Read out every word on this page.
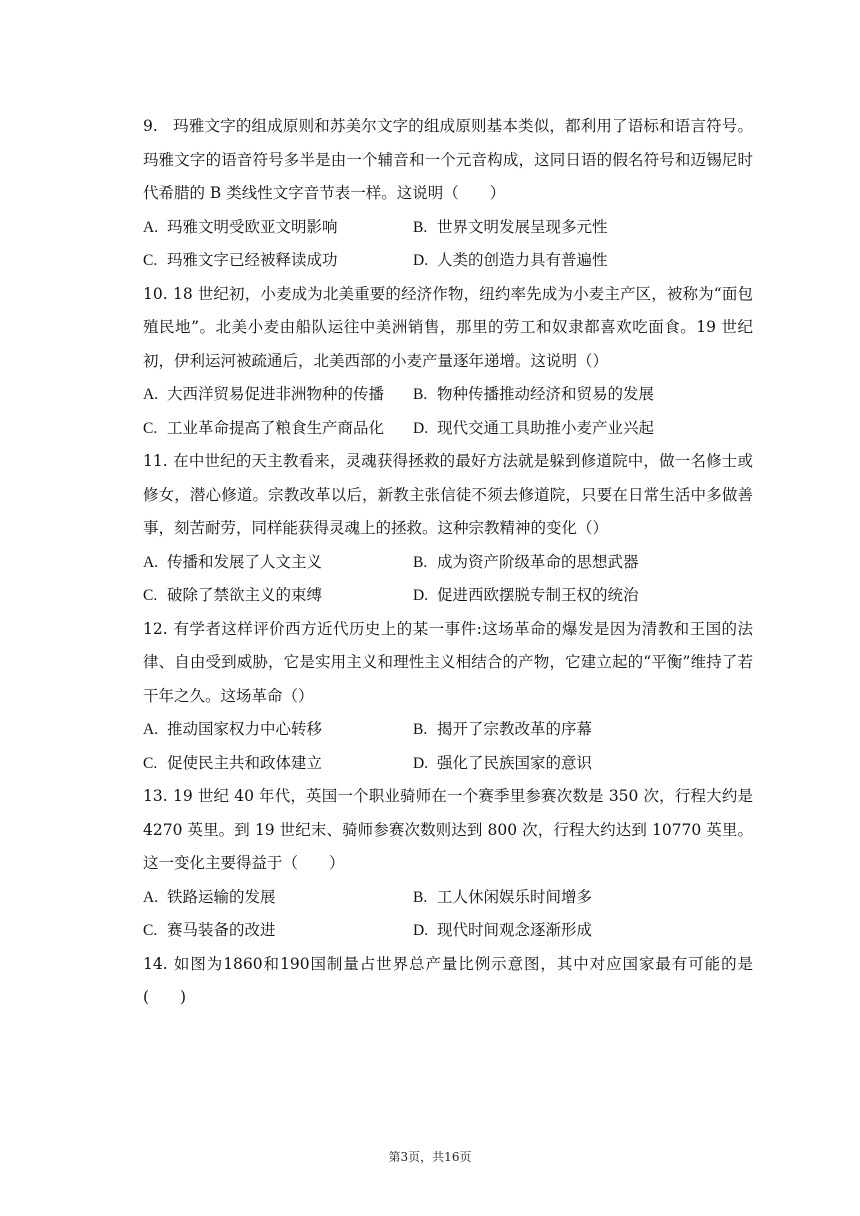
9. 玛雅文字的组成原则和苏美尔文字的组成原则基本类似，都利用了语标和语言符号。玛雅文字的语音符号多半是由一个辅音和一个元音构成，这同日语的假名符号和迈锡尼时代希腊的 B 类线性文字音节表一样。这说明（　　）

A. 玛雅文明受欧亚文明影响	B. 世界文明发展呈现多元性
C. 玛雅文字已经被释读成功	D. 人类的创造力具有普遍性

10. 18 世纪初，小麦成为北美重要的经济作物，纽约率先成为小麦主产区，被称为“面包殖民地”。北美小麦由船队运往中美洲销售，那里的劳工和奴隶都喜欢吃面食。19 世纪初，伊利运河被疏通后，北美西部的小麦产量逐年递增。这说明（）

A. 大西洋贸易促进非洲物种的传播	B. 物种传播推动经济和贸易的发展
C. 工业革命提高了粮食生产商品化	D. 现代交通工具助推小麦产业兴起

11. 在中世纪的天主教看来，灵魂获得拯救的最好方法就是躲到修道院中，做一名修士或修女，潜心修道。宗教改革以后，新教主张信徒不须去修道院，只要在日常生活中多做善事，刻苦耐劳，同样能获得灵魂上的拯救。这种宗教精神的变化（）

A. 传播和发展了人文主义	B. 成为资产阶级革命的思想武器
C. 破除了禁欲主义的束缚	D. 促进西欧摆脱专制王权的统治

12. 有学者这样评价西方近代历史上的某一事件:这场革命的爆发是因为清教和王国的法律、自由受到威胁，它是实用主义和理性主义相结合的产物，它建立起的“平衡”维持了若干年之久。这场革命（）

A. 推动国家权力中心转移	B. 揭开了宗教改革的序幕
C. 促使民主共和政体建立	D. 强化了民族国家的意识

13. 19 世纪 40 年代，英国一个职业骑师在一个赛季里参赛次数是 350 次，行程大约是 4270 英里。到 19 世纪末、骑师参赛次数则达到 800 次，行程大约达到 10770 英里。这一变化主要得益于（　　）

A. 铁路运输的发展	B. 工人休闲娱乐时间增多
C. 赛马装备的改进	D. 现代时间观念逐渐形成

14. 如图为1860和190国制量占世界总产量比例示意图，其中对应国家最有可能的是(　　)

第3页，共16页
